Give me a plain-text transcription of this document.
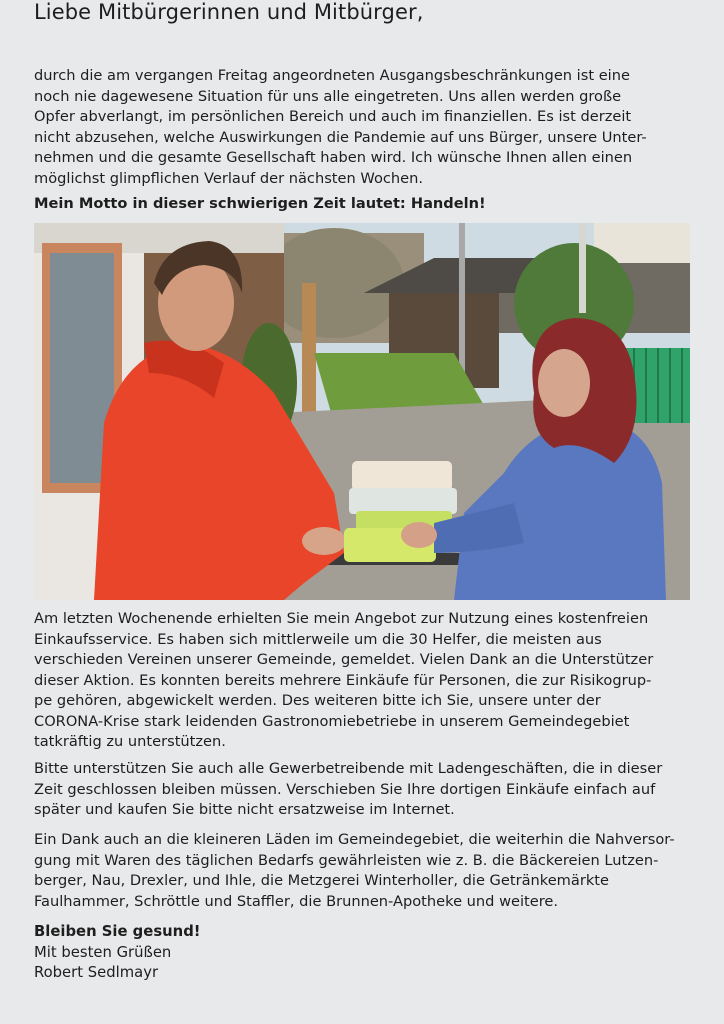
Liebe Mitbürgerinnen und Mitbürger,
durch die am vergangen Freitag angeordneten Ausgangsbeschränkungen ist eine
noch nie dagewesene Situation für uns alle eingetreten. Uns allen werden große
Opfer abverlangt, im persönlichen Bereich und auch im finanziellen. Es ist derzeit
nicht abzusehen, welche Auswirkungen die Pandemie auf uns Bürger, unsere Unter-
nehmen und die gesamte Gesellschaft haben wird. Ich wünsche Ihnen allen einen
möglichst glimpflichen Verlauf der nächsten Wochen.
Mein Motto in dieser schwierigen Zeit lautet: Handeln!
Am letzten Wochenende erhielten Sie mein Angebot zur Nutzung eines kostenfreien
Einkaufsservice. Es haben sich mittlerweile um die 30 Helfer, die meisten aus
verschieden Vereinen unserer Gemeinde, gemeldet. Vielen Dank an die Unterstützer
dieser Aktion. Es konnten bereits mehrere Einkäufe für Personen, die zur Risikogrup-
pe gehören, abgewickelt werden. Des weiteren bitte ich Sie, unsere unter der
CORONA-Krise stark leidenden Gastronomiebetriebe in unserem Gemeindegebiet
tatkräftig zu unterstützen.
Bitte unterstützen Sie auch alle Gewerbetreibende mit Ladengeschäften, die in dieser
Zeit geschlossen bleiben müssen. Verschieben Sie Ihre dortigen Einkäufe einfach auf
später und kaufen Sie bitte nicht ersatzweise im Internet.
Ein Dank auch an die kleineren Läden im Gemeindegebiet, die weiterhin die Nahversor-
gung mit Waren des täglichen Bedarfs gewährleisten wie z. B. die Bäckereien Lutzen-
berger, Nau, Drexler, und Ihle, die Metzgerei Winterholler, die Getränkemärkte
Faulhammer, Schröttle und Staffler, die Brunnen-Apotheke und weitere.
Bleiben Sie gesund!
Mit besten Grüßen
Robert Sedlmayr
